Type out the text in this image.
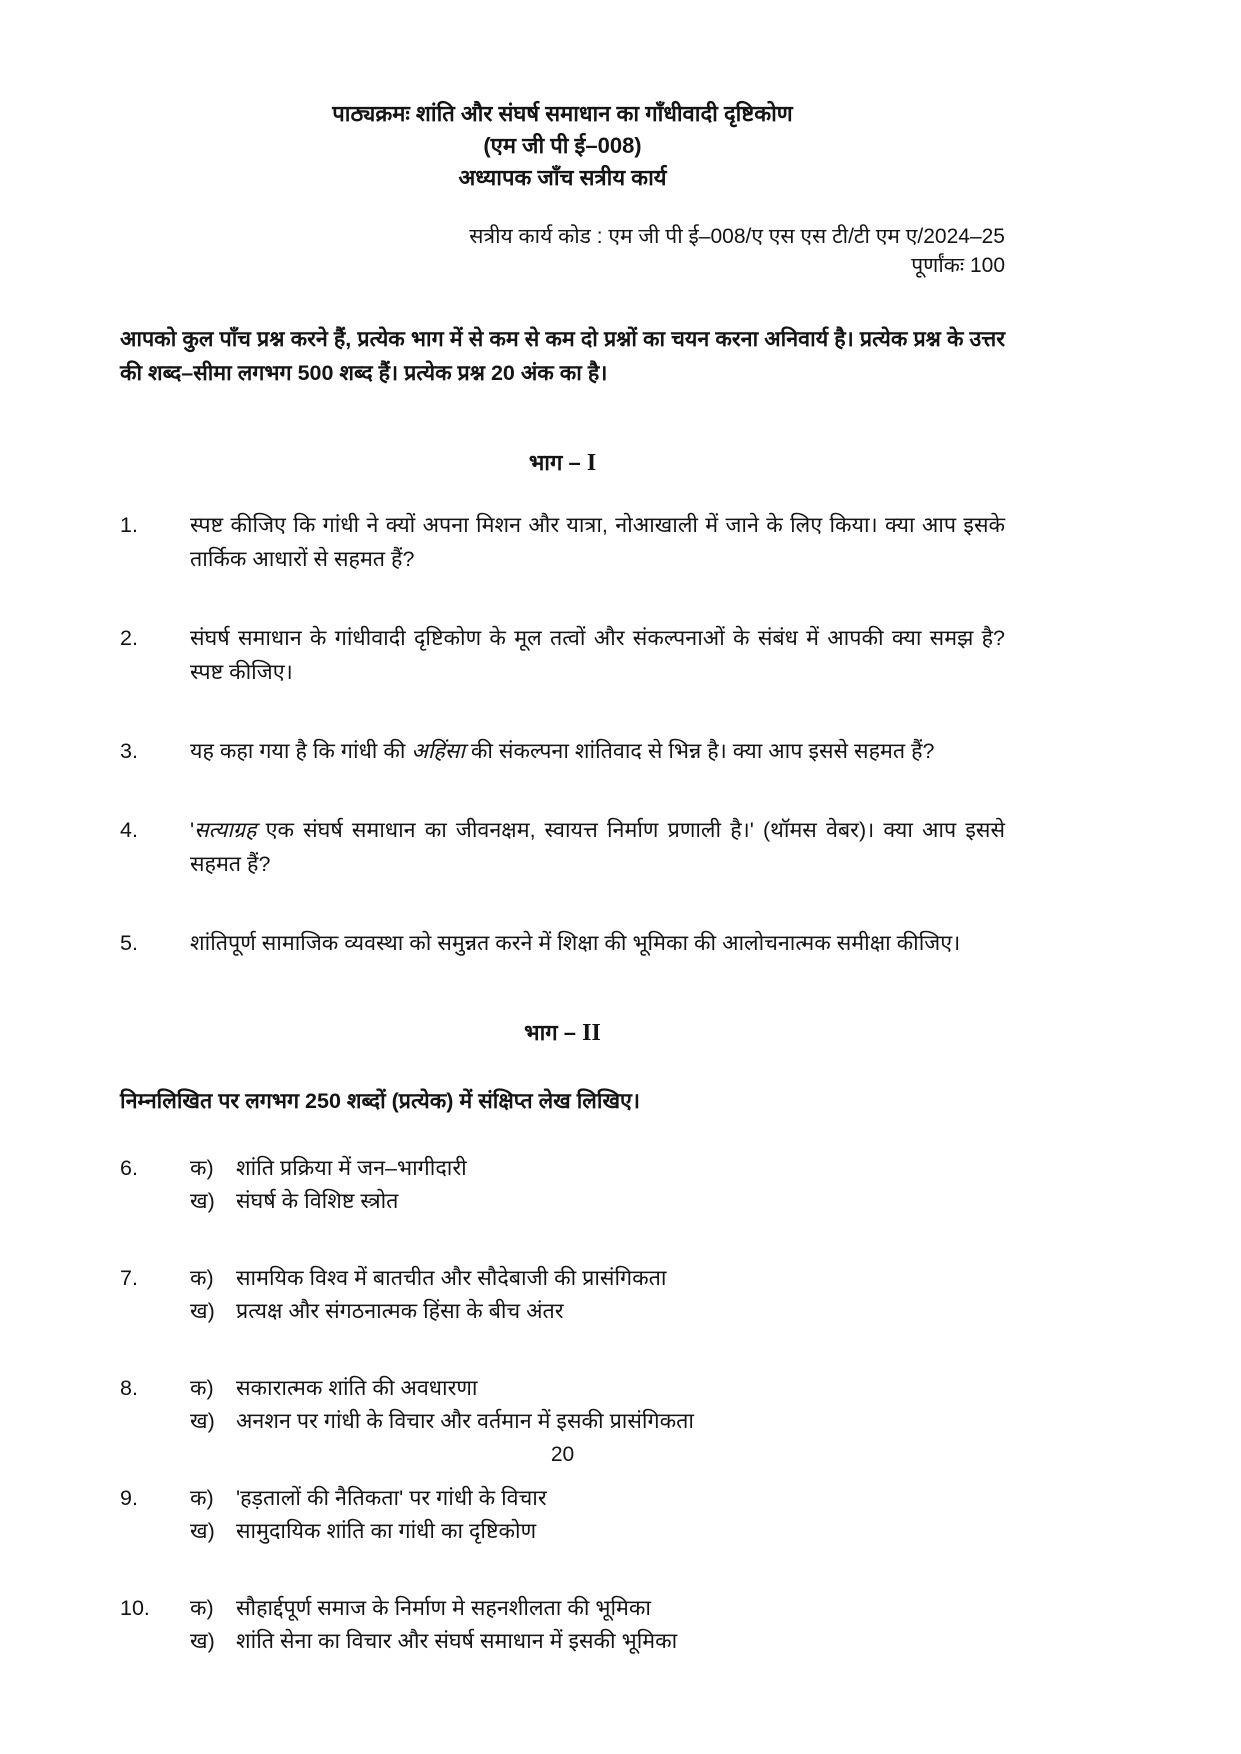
पाठ्यक्रमः शांति और संघर्ष समाधान का गाँधीवादी दृष्टिकोण
(एम जी पी ई–008)
अध्यापक जाँच सत्रीय कार्य
सत्रीय कार्य कोड : एम जी पी ई–008/ए एस एस टी/टी एम ए/2024–25
पूर्णांकः 100
आपको कुल पाँच प्रश्न करने हैं, प्रत्येक भाग में से कम से कम दो प्रश्नों का चयन करना अनिवार्य है। प्रत्येक प्रश्न के उत्तर की शब्द–सीमा लगभग 500 शब्द हैं। प्रत्येक प्रश्न 20 अंक का है।
भाग – I
1.	स्पष्ट कीजिए कि गांधी ने क्यों अपना मिशन और यात्रा, नोआखाली में जाने के लिए किया। क्या आप इसके तार्किक आधारों से सहमत हैं?
2.	संघर्ष समाधान के गांधीवादी दृष्टिकोण के मूल तत्वों और संकल्पनाओं के संबंध में आपकी क्या समझ है? स्पष्ट कीजिए।
3.	यह कहा गया है कि गांधी की अहिंसा की संकल्पना शांतिवाद से भिन्न है। क्या आप इससे सहमत हैं?
4.	'सत्याग्रह एक संघर्ष समाधान का जीवनक्षम, स्वायत्त निर्माण प्रणाली है।' (थॉमस वेबर)। क्या आप इससे सहमत हैं?
5.	शांतिपूर्ण सामाजिक व्यवस्था को समुन्नत करने में शिक्षा की भूमिका की आलोचनात्मक समीक्षा कीजिए।
भाग – II
निम्नलिखित पर लगभग 250 शब्दों (प्रत्येक) में संक्षिप्त लेख लिखिए।
6.	क)	शांति प्रक्रिया में जन–भागीदारी
ख) संघर्ष के विशिष्ट स्त्रोत
7.	क)	सामयिक विश्व में बातचीत और सौदेबाजी की प्रासंगिकता
ख) प्रत्यक्ष और संगठनात्मक हिंसा के बीच अंतर
8.	क)	सकारात्मक शांति की अवधारणा
ख) अनशन पर गांधी के विचार और वर्तमान में इसकी प्रासंगिकता
9.	क)	'हड़तालों की नैतिकता' पर गांधी के विचार
ख) सामुदायिक शांति का गांधी का दृष्टिकोण
10.	क)	सौहार्द्दपूर्ण समाज के निर्माण मे सहनशीलता की भूमिका
ख) शांति सेना का विचार और संघर्ष समाधान में इसकी भूमिका
20
